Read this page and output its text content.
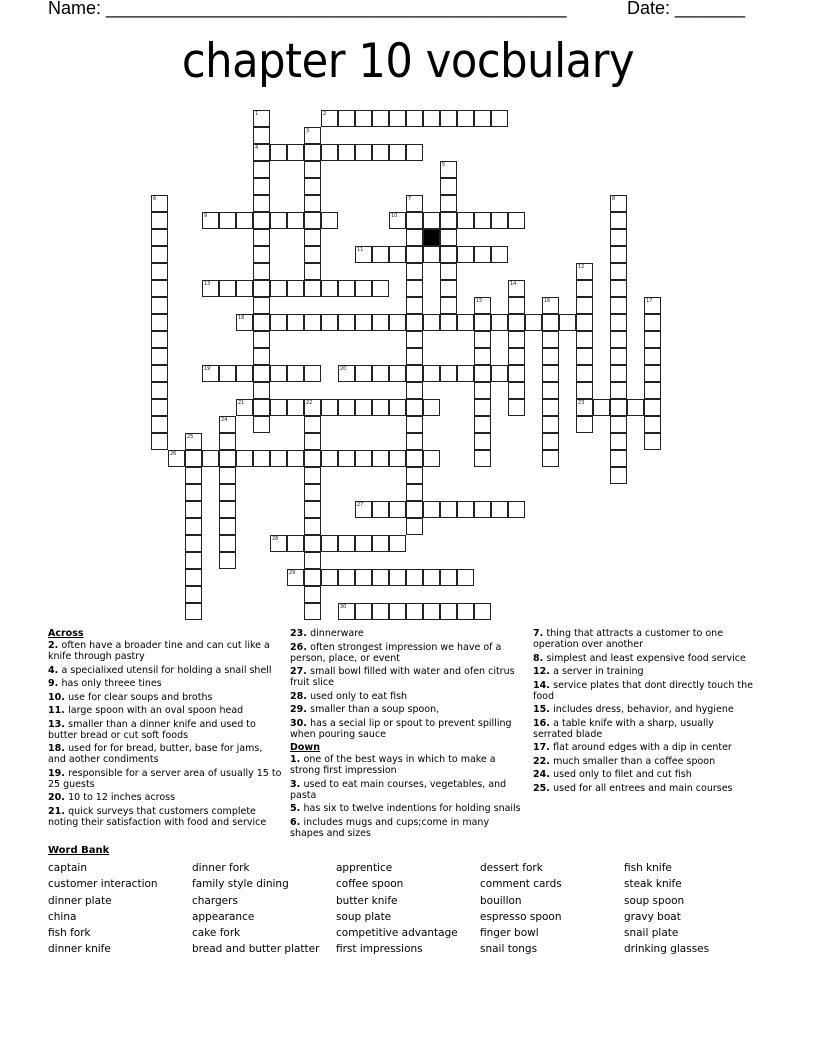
Name: ______________________________________________	Date: _______
chapter 10 vocbulary
1
4
2
3
5
6	7	8
9	10
11
12
23
13	14
15	16	17
18
19	20
21	22
24
25
26
27
28
29
30
Across
2. often have a broader tine and can cut like a knife through pastry
4. a specialixed utensil for holding a snail shell
9. has only threee tines
10. use for clear soups and broths
11. large spoon with an oval spoon head
13. smaller than a dinner knife and used to butter bread or cut soft foods
18. used for for bread, butter, base for jams, and aother condiments
19. responsible for a server area of usually 15 to 25 guests
20. 10 to 12 inches across
21. quick surveys that customers complete noting their satisfaction with food and service
23. dinnerware
26. often strongest impression we have of a person, place, or event
27. small bowl filled with water and ofen citrus fruit slice
28. used only to eat fish
29. smaller than a soup spoon,
30. has a secial lip or spout to prevent spilling when pouring sauce
Down
1. one of the best ways in which to make a strong first impression
3. used to eat main courses, vegetables, and pasta
5. has six to twelve indentions for holding snails
6. includes mugs and cups;come in many shapes and sizes
7. thing that attracts a customer to one operation over another
8. simplest and least expensive food service
12. a server in training
14. service plates that dont directly touch the food
15. includes dress, behavior, and hygiene
16. a table knife with a sharp, usually serrated blade
17. flat around edges with a dip in center
22. much smaller than a coffee spoon
24. used only to filet and cut fish
25. used for all entrees and main courses
Word Bank
captain	dinner fork	apprentice	dessert fork	fish knife
customer interaction	family style dining	coffee spoon	comment cards	steak knife
dinner plate	chargers	butter knife	bouillon	soup spoon
china	appearance	soup plate	espresso spoon	gravy boat
fish fork	cake fork	competitive advantage	finger bowl	snail plate
dinner knife	bread and butter platter	first impressions	snail tongs	drinking glasses
